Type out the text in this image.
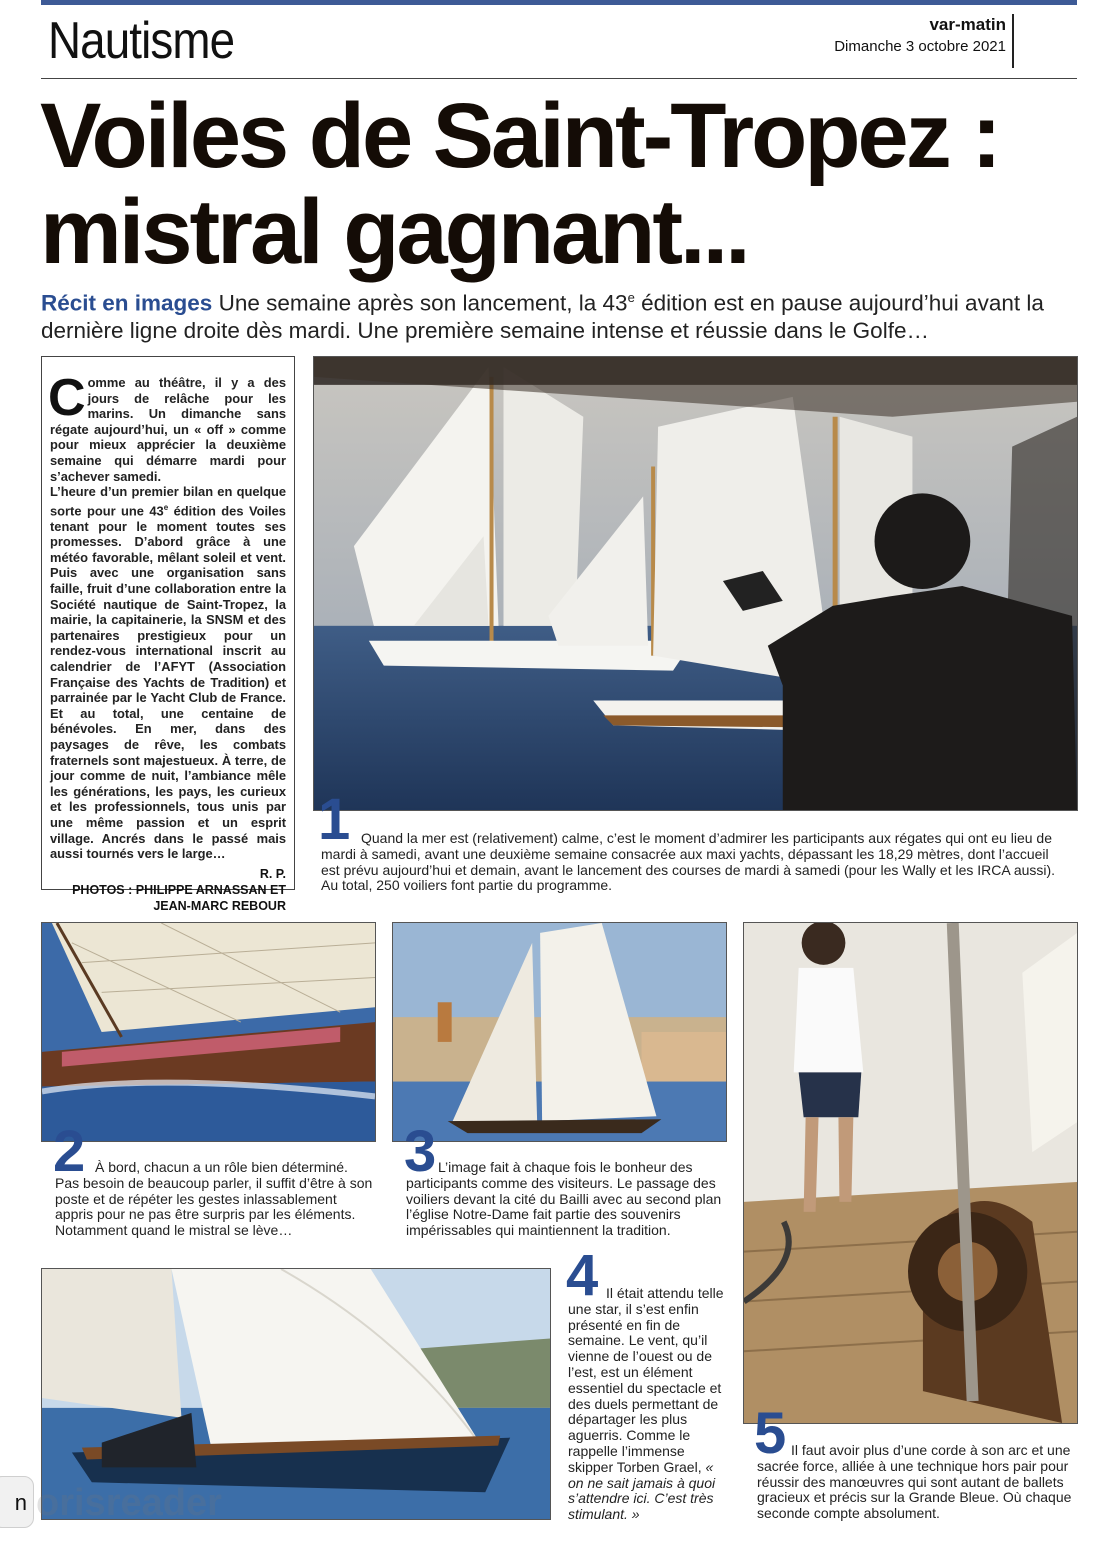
Nautisme	var-matin
Dimanche 3 octobre 2021
Voiles de Saint-Tropez :
mistral gagnant...
Récit en images Une semaine après son lancement, la 43e édition est en pause aujourd’hui avant la dernière ligne droite dès mardi. Une première semaine intense et réussie dans le Golfe…

Comme au théâtre, il y a des jours de relâche pour les marins. Un dimanche sans régate aujourd’hui, un « off » comme pour mieux apprécier la deuxième semaine qui démarre mardi pour s’achever samedi.

L’heure d’un premier bilan en quelque sorte pour une 43e édition des Voiles tenant pour le moment toutes ses promesses. D’abord grâce à une météo favorable, mêlant soleil et vent. Puis avec une organisation sans faille, fruit d’une collaboration entre la Société nautique de Saint-Tropez, la mairie, la capitainerie, la SNSM et des partenaires prestigieux pour un rendez-vous international inscrit au calendrier de l’AFYT (Association Française des Yachts de Tradition) et parrainée par le Yacht Club de France. Et au total, une centaine de bénévoles. En mer, dans des paysages de rêve, les combats fraternels sont majestueux. À terre, de jour comme de nuit, l’ambiance mêle les générations, les pays, les curieux et les professionnels, tous unis par une même passion et un esprit village. Ancrés dans le passé mais aussi tournés vers le large…

R. P.
PHOTOS : PHILIPPE ARNASSAN ET
JEAN-MARC REBOUR
1 Quand la mer est (relativement) calme, c’est le moment d’admirer les participants aux régates qui ont eu lieu de mardi à samedi, avant une deuxième semaine consacrée aux maxi yachts, dépassant les 18,29 mètres, dont l’accueil est prévu aujourd’hui et demain, avant le lancement des courses de mardi à samedi (pour les Wally et les IRCA aussi). Au total, 250 voiliers font partie du programme.
2 À bord, chacun a un rôle bien déterminé. Pas besoin de beaucoup parler, il suffit d’être à son poste et de répéter les gestes inlassablement appris pour ne pas être surpris par les éléments. Notamment quand le mistral se lève…
3 L’image fait à chaque fois le bonheur des participants comme des visiteurs. Le passage des voiliers devant la cité du Bailli avec au second plan l’église Notre-Dame fait partie des souvenirs impérissables qui maintiennent la tradition.
5 Il faut avoir plus d’une corde à son arc et une sacrée force, alliée à une technique hors pair pour réussir des manœuvres qui sont autant de ballets gracieux et précis sur la Grande Bleue. Où chaque seconde compte absolument.
4 Il était attendu telle une star, il s’est enfin présenté en fin de semaine. Le vent, qu’il vienne de l’ouest ou de l’est, est un élément essentiel du spectacle et des duels permettant de départager les plus aguerris. Comme le rappelle l’immense skipper Torben Grael, « on ne sait jamais à quoi s’attendre ici. C’est très stimulant. »
orisreader
n
